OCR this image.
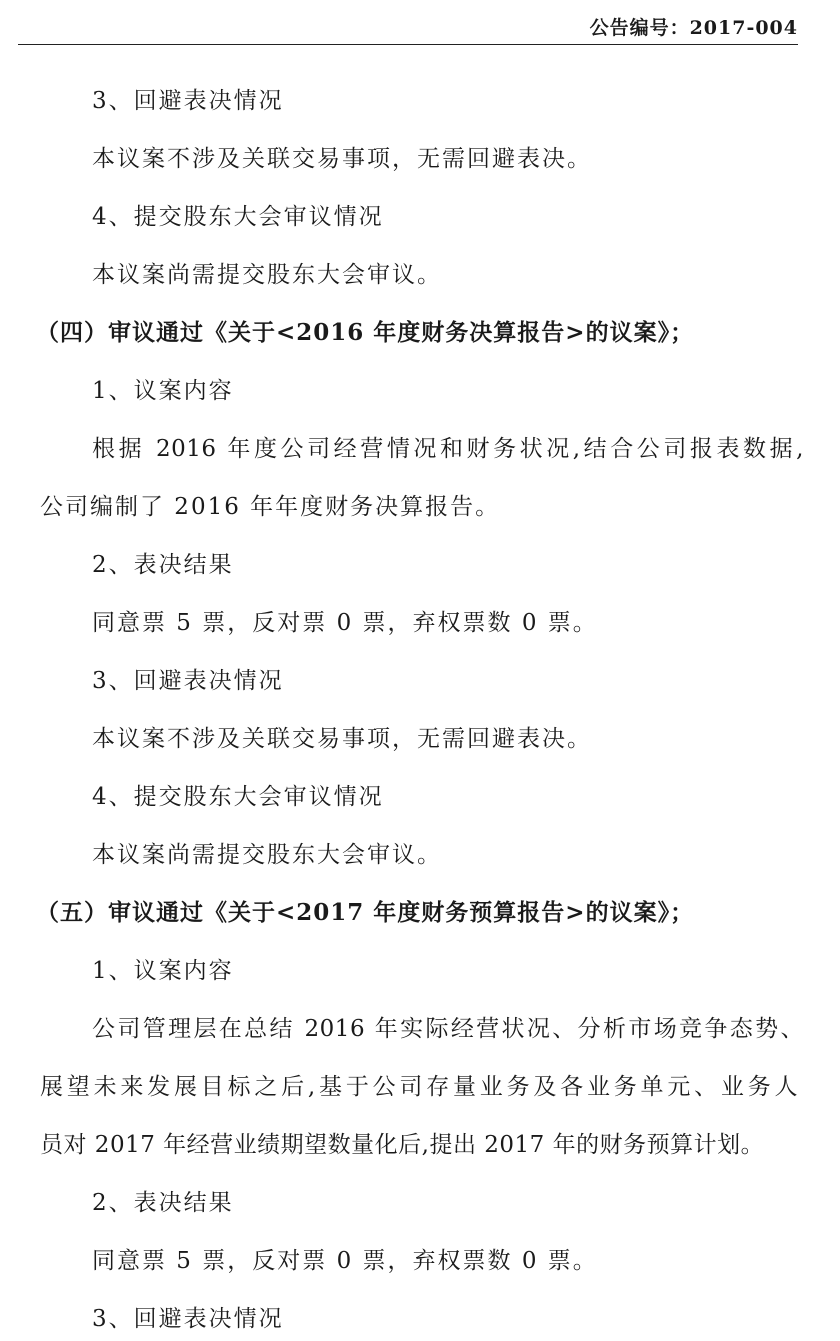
公告编号：2017-004
3、回避表决情况
本议案不涉及关联交易事项，无需回避表决。
4、提交股东大会审议情况
本议案尚需提交股东大会审议。
（四）审议通过《关于<2016 年度财务决算报告>的议案》；
1、议案内容
根据 2016 年度公司经营情况和财务状况,结合公司报表数据,
公司编制了 2016 年年度财务决算报告。
2、表决结果
同意票 5 票，反对票 0 票，弃权票数 0 票。
3、回避表决情况
本议案不涉及关联交易事项，无需回避表决。
4、提交股东大会审议情况
本议案尚需提交股东大会审议。
（五）审议通过《关于<2017 年度财务预算报告>的议案》；
1、议案内容
公司管理层在总结 2016 年实际经营状况、分析市场竞争态势、
展望未来发展目标之后,基于公司存量业务及各业务单元、业务人
员对 2017 年经营业绩期望数量化后,提出 2017 年的财务预算计划。
2、表决结果
同意票 5 票，反对票 0 票，弃权票数 0 票。
3、回避表决情况
